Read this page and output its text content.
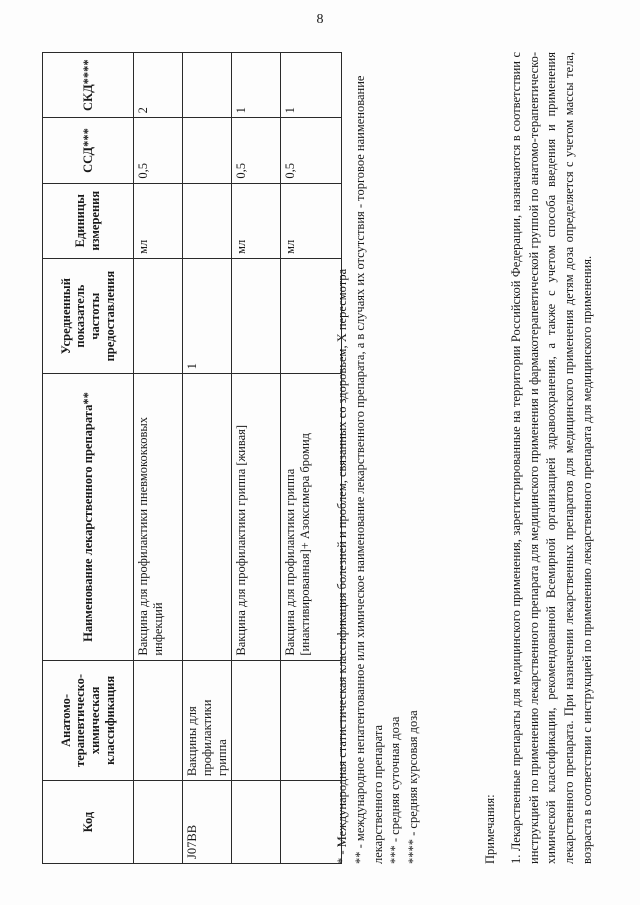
8
Код	Анатомо-терапевтическо-химическая классификация	Наименование лекарственного препарата**	Усредненный показатель частоты предоставления	Единицы измерения	ССД***	СКД****
		Вакцина для профилактики пневмококковых инфекций		мл	0,5	2
J07BB	Вакцины для профилактики гриппа		1			
		Вакцина для профилактики гриппа [живая]		мл	0,5	1
		Вакцина для профилактики гриппа [инактивированная]+ Азоксимера бромид		мл	0,5	1

* - Международная статистическая классификация болезней и проблем, связанных со здоровьем, X пересмотра ** - международное непатентованное или химическое наименование лекарственного препарата, а в случаях их отсутствия - торговое наименование лекарственного препарата *** - средняя суточная доза **** - средняя курсовая доза	Примечания: 1. Лекарственные препараты для медицинского применения, зарегистрированные на территории Российской Федерации, назначаются в соответствии с инструкцией по применению лекарственного препарата для медицинского применения и фармакотерапевтической группой по анатомо-терапевтическо-химической классификации, рекомендованной Всемирной организацией здравоохранения, а также с учетом способа введения и применения лекарственного препарата. При назначении лекарственных препаратов для медицинского применения детям доза определяется с учетом массы тела, возраста в соответствии с инструкцией по применению лекарственного препарата для медицинского применения.
